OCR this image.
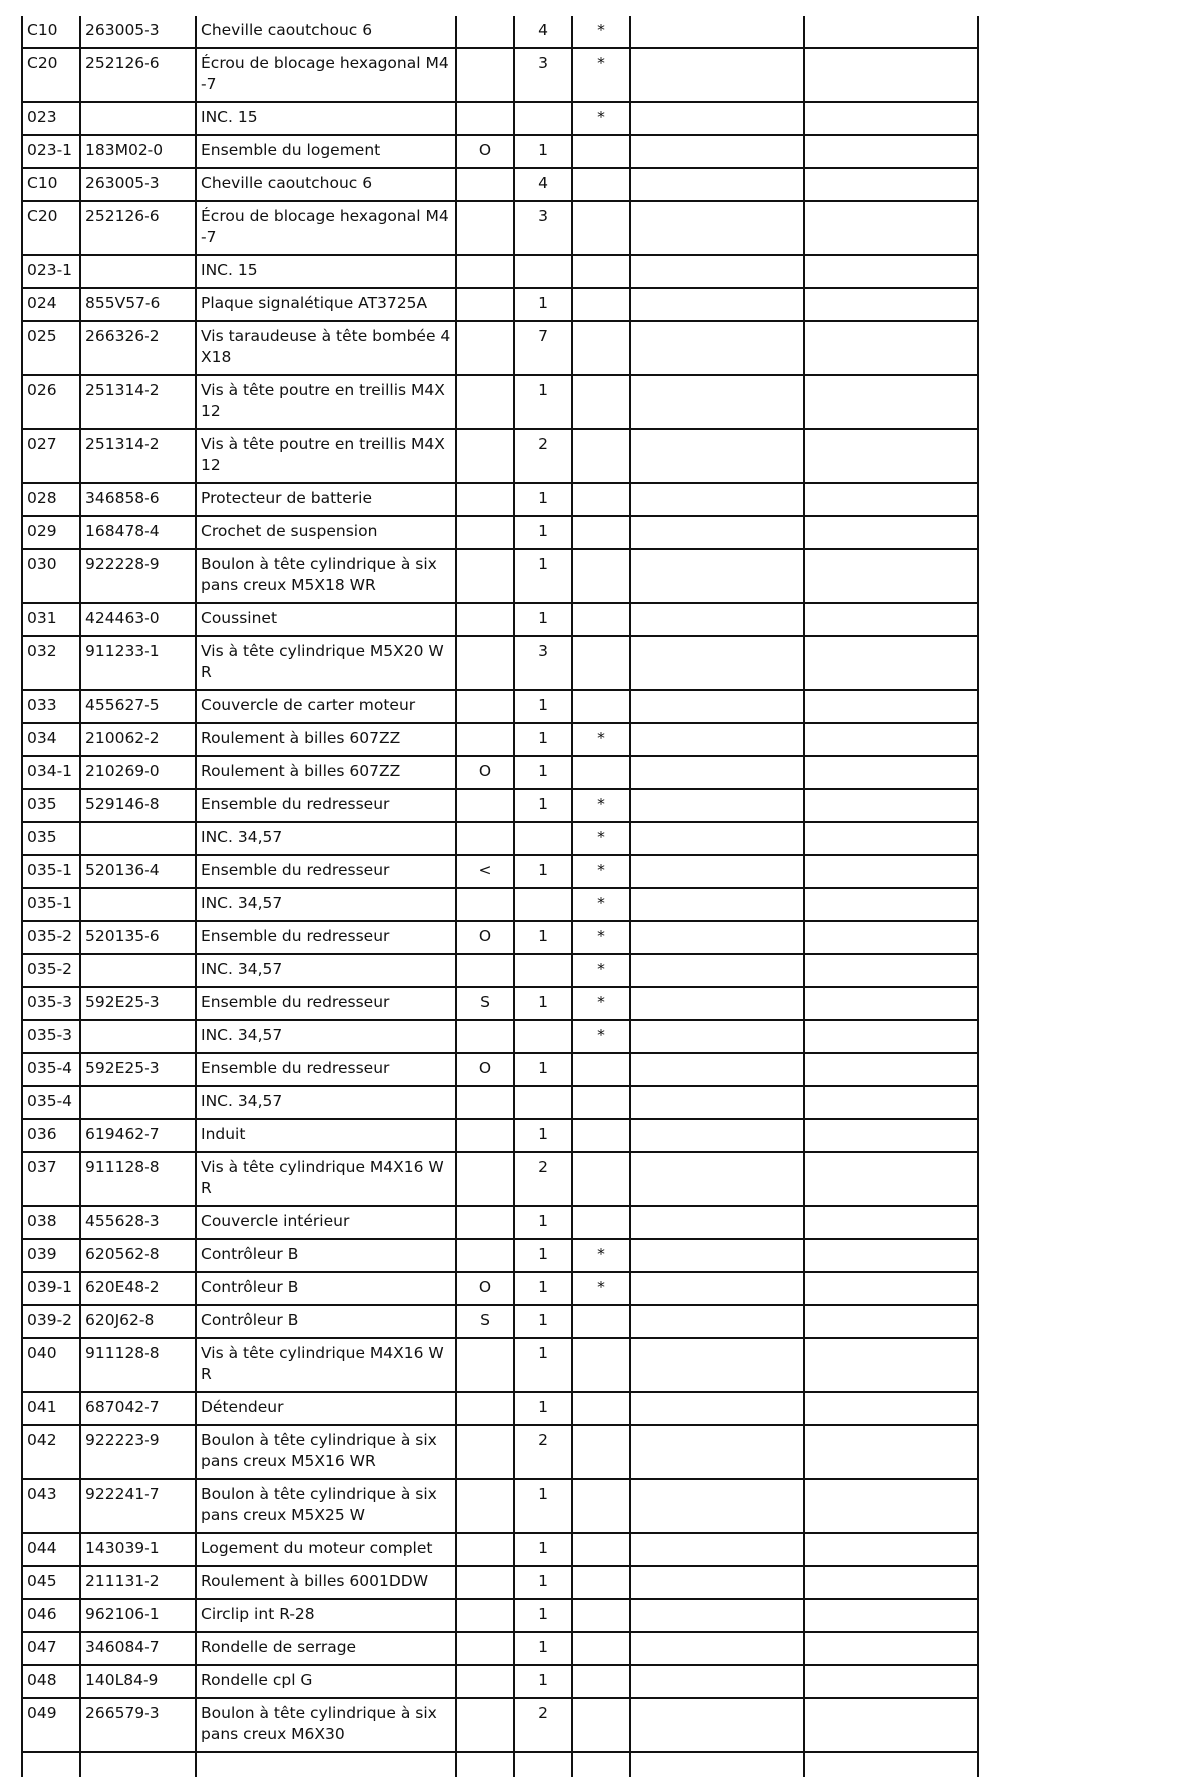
C10	263005-3	Cheville caoutchouc 6		4	*		
C20	252126-6	Écrou de blocage hexagonal M4-7		3	*		
023		INC. 15			*		
023-1	183M02-0	Ensemble du logement	O	1			
C10	263005-3	Cheville caoutchouc 6		4			
C20	252126-6	Écrou de blocage hexagonal M4-7		3			
023-1		INC. 15					
024	855V57-6	Plaque signalétique AT3725A		1			
025	266326-2	Vis taraudeuse à tête bombée 4X18		7			
026	251314-2	Vis à tête poutre en treillis M4X12		1			
027	251314-2	Vis à tête poutre en treillis M4X12		2			
028	346858-6	Protecteur de batterie		1			
029	168478-4	Crochet de suspension		1			
030	922228-9	Boulon à tête cylindrique à six pans creux M5X18 WR		1			
031	424463-0	Coussinet		1			
032	911233-1	Vis à tête cylindrique M5X20 WR		3			
033	455627-5	Couvercle de carter moteur		1			
034	210062-2	Roulement à billes 607ZZ		1	*		
034-1	210269-0	Roulement à billes 607ZZ	O	1			
035	529146-8	Ensemble du redresseur		1	*		
035		INC. 34,57			*		
035-1	520136-4	Ensemble du redresseur	<	1	*		
035-1		INC. 34,57			*		
035-2	520135-6	Ensemble du redresseur	O	1	*		
035-2		INC. 34,57			*		
035-3	592E25-3	Ensemble du redresseur	S	1	*		
035-3		INC. 34,57			*		
035-4	592E25-3	Ensemble du redresseur	O	1			
035-4		INC. 34,57					
036	619462-7	Induit		1			
037	911128-8	Vis à tête cylindrique M4X16 WR		2			
038	455628-3	Couvercle intérieur		1			
039	620562-8	Contrôleur B		1	*		
039-1	620E48-2	Contrôleur B	O	1	*		
039-2	620J62-8	Contrôleur B	S	1			
040	911128-8	Vis à tête cylindrique M4X16 WR		1			
041	687042-7	Détendeur		1			
042	922223-9	Boulon à tête cylindrique à six pans creux M5X16 WR		2			
043	922241-7	Boulon à tête cylindrique à six pans creux M5X25 W		1			
044	143039-1	Logement du moteur complet		1			
045	211131-2	Roulement à billes 6001DDW		1			
046	962106-1	Circlip int R-28		1			
047	346084-7	Rondelle de serrage		1			
048	140L84-9	Rondelle cpl G		1			
049	266579-3	Boulon à tête cylindrique à six pans creux M6X30		2			
